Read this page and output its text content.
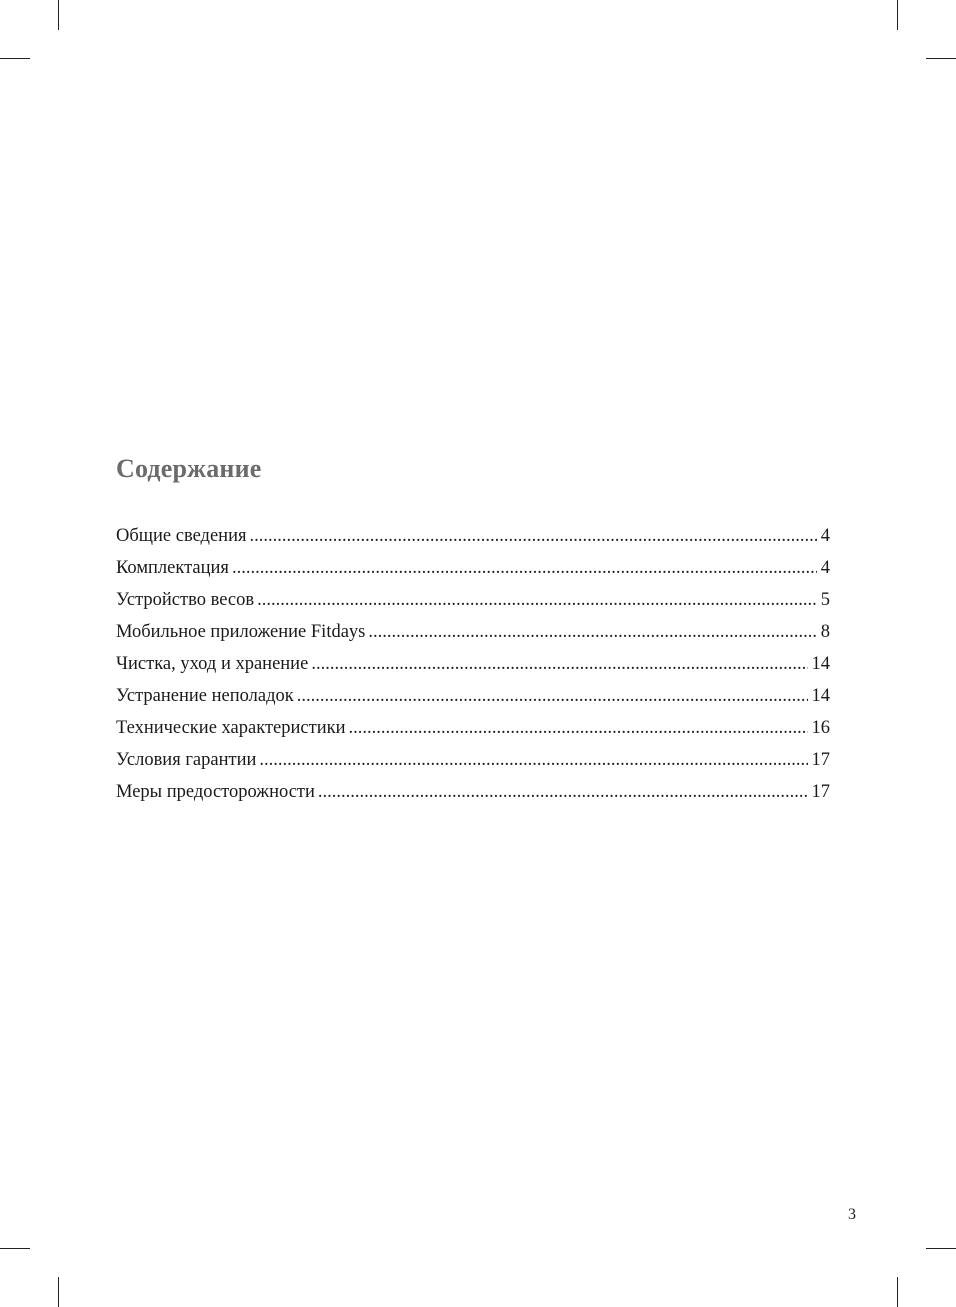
Содержание
Общие сведения .....	4
Комплектация .....	4
Устройство весов .....	5
Мобильное приложение Fitdays .....	8
Чистка, уход и хранение .....	14
Устранение неполадок .....	14
Технические характеристики .....	16
Условия гарантии .....	17
Меры предосторожности .....	17
3
